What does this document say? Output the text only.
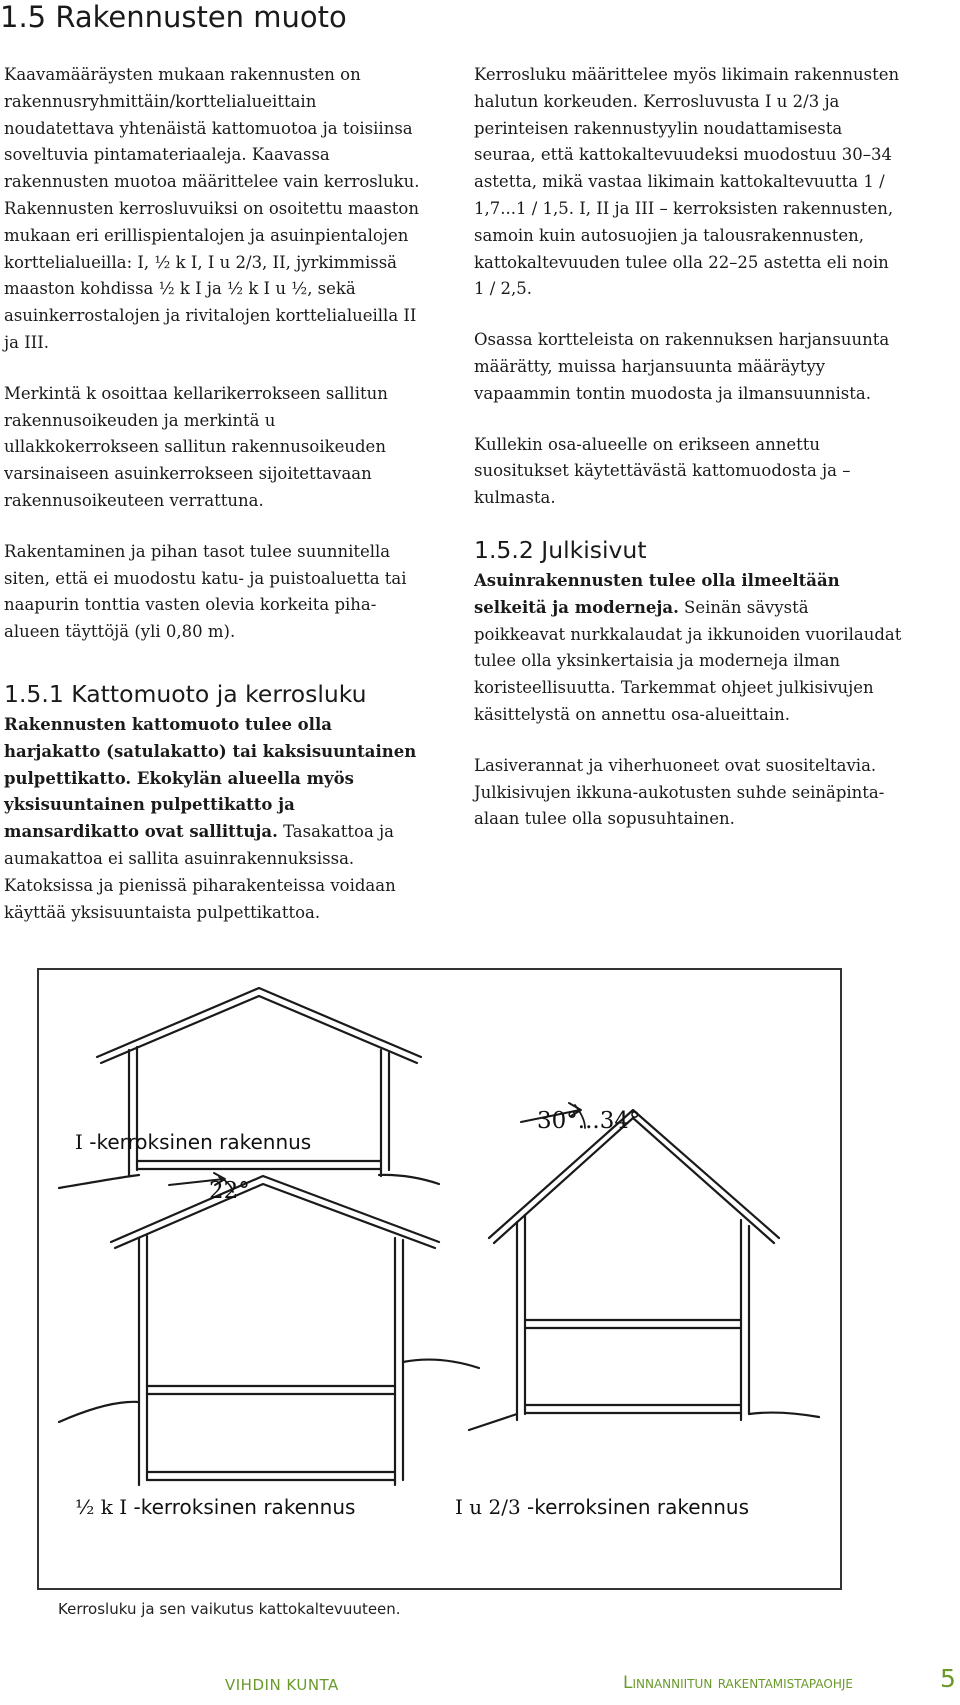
1.5 Rakennusten muoto

Kaavamääräysten mukaan rakennusten on rakennusryhmittäin/korttelialueittain noudatettava yhtenäistä kattomuotoa ja toisiinsa soveltuvia pintamateriaaleja. Kaavassa rakennusten muotoa määrittelee vain kerrosluku. Rakennusten kerrosluvuiksi on osoitettu maaston mukaan eri erillispientalojen ja asuinpientalojen korttelialueilla: I, ½ k I, I u 2/3, II, jyrkimmissä maaston kohdissa ½ k I ja ½ k I u ½, sekä asuinkerrostalojen ja rivitalojen korttelialueilla II ja III.

Merkintä k osoittaa kellarikerrokseen sallitun rakennusoikeuden ja merkintä u ullakkokerrokseen sallitun rakennusoikeuden varsinaiseen asuinkerrokseen sijoitettavaan rakennusoikeuteen verrattuna.

Rakentaminen ja pihan tasot tulee suunnitella siten, että ei muodostu katu- ja puistoaluetta tai naapurin tonttia vasten olevia korkeita piha-alueen täyttöjä (yli 0,80 m).

1.5.1 Kattomuoto ja kerrosluku

Rakennusten kattomuoto tulee olla harjakatto (satulakatto) tai kaksisuuntainen pulpettikatto. Ekokylän alueella myös yksisuuntainen pulpettikatto ja mansardikatto ovat sallittuja. Tasakattoa ja aumakattoa ei sallita asuinrakennuksissa. Katoksissa ja pienissä piharakenteissa voidaan käyttää yksisuuntaista pulpettikattoa.

Kerrosluku määrittelee myös likimain rakennusten halutun korkeuden. Kerrosluvusta I u 2/3 ja perinteisen rakennustyylin noudattamisesta seuraa, että kattokaltevuudeksi muodostuu 30–34 astetta, mikä vastaa likimain kattokaltevuutta 1 / 1,7...1 / 1,5. I, II ja III – kerroksisten rakennusten, samoin kuin autosuojien ja talousrakennusten, kattokaltevuuden tulee olla 22–25 astetta eli noin 1 / 2,5.

Osassa kortteleista on rakennuksen harjansuunta määrätty, muissa harjansuunta määräytyy vapaammin tontin muodosta ja ilmansuunnista.

Kullekin osa-alueelle on erikseen annettu suositukset käytettävästä kattomuodosta ja – kulmasta.

1.5.2 Julkisivut

Asuinrakennusten tulee olla ilmeeltään selkeitä ja moderneja. Seinän sävystä poikkeavat nurkkalaudat ja ikkunoiden vuorilaudat tulee olla yksinkertaisia ja moderneja ilman koristeellisuutta. Tarkemmat ohjeet julkisivujen käsittelystä on annettu osa-alueittain.

Lasiverannat ja viherhuoneet ovat suositeltavia. Julkisivujen ikkuna-aukotusten suhde seinäpinta-alaan tulee olla sopusuhtainen.

I -kerroksinen rakennus
½ k I -kerroksinen rakennus	I u 2/3 -kerroksinen rakennus
22°
30°...34°

Kerrosluku ja sen vaikutus kattokaltevuuteen.

VIHDIN KUNTA	Linnanniitun rakentamistapaohje	5
